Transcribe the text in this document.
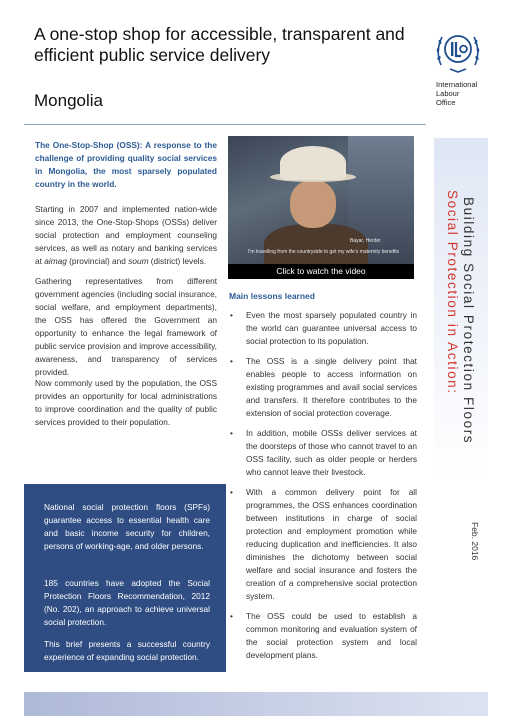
A one-stop shop for accessible, transparent and efficient public service delivery
International
Labour
Office
Mongolia
Social Protection in Action: Building Social Protection Floors
Feb. 2016
The One-Stop-Shop (OSS): A response to the challenge of providing quality social services in Mongolia, the most sparsely populated country in the world.
Starting in 2007 and implemented nation-wide since 2013, the One-Stop-Shops (OSSs) deliver social protection and employment counseling services, as well as notary and banking services at aimag (provincial) and soum (district) levels.
Gathering representatives from different government agencies (including social insurance, social welfare, and employment departments), the OSS has offered the Government an opportunity to enhance the legal framework of public service provision and improve accessibility, awareness, and transparency of services provided.
Now commonly used by the population, the OSS provides an opportunity for local administrations to improve coordination and the quality of public services provided to their population.
Bayar, Herder
I'm travelling from the countryside to get my wife's maternity benefits
Click to watch the video
Main lessons learned
• Even the most sparsely populated country in the world can guarantee universal access to social protection to its population.
• The OSS is a single delivery point that enables people to access information on existing programmes and avail social services and transfers. It therefore contributes to the extension of social protection coverage.
• In addition, mobile OSSs deliver services at the doorsteps of those who cannot travel to an OSS facility, such as older people or herders who cannot leave their livestock.
• With a common delivery point for all programmes, the OSS enhances coordination between institutions in charge of social protection and employment promotion while reducing duplication and inefficiencies. It also diminishes the dichotomy between social welfare and social insurance and fosters the creation of a comprehensive social protection system.
• The OSS could be used to establish a common monitoring and evaluation system of the social protection system and local development plans.

National social protection floors (SPFs) guarantee access to essential health care and basic income security for children, persons of working-age, and older persons.

185 countries have adopted the Social Protection Floors Recommendation, 2012 (No. 202), an approach to achieve universal social protection.

This brief presents a successful country experience of expanding social protection.
